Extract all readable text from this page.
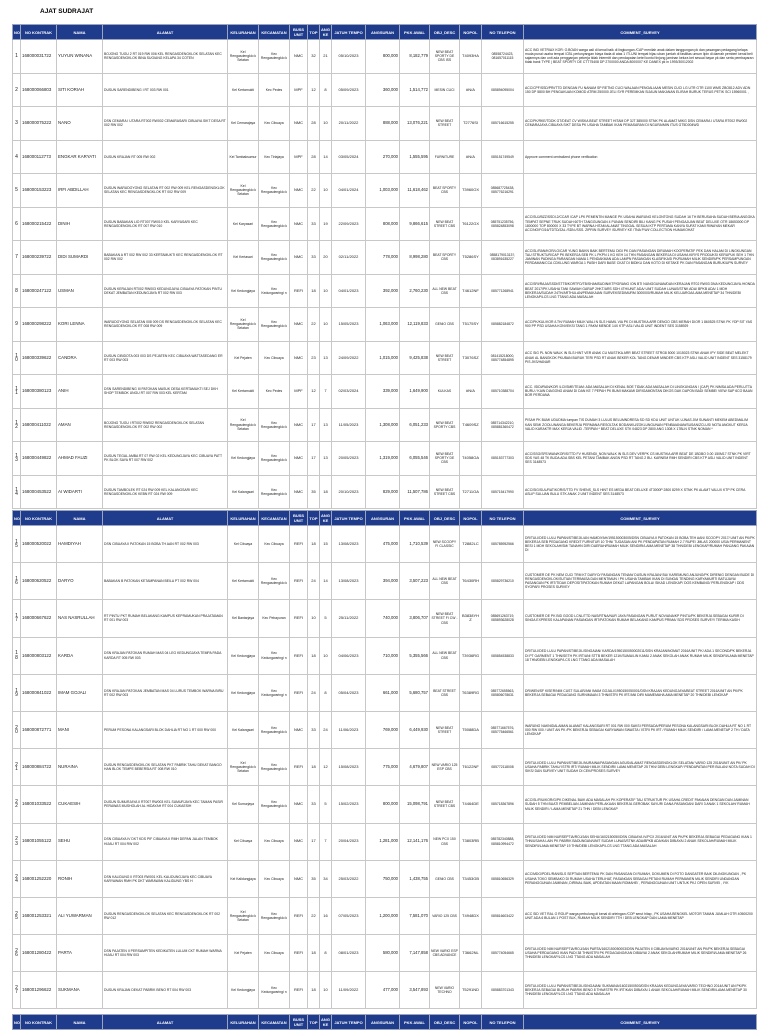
AJAT SUDRAJAT
NO	NO KONTRAK	NAMA	ALAMAT	KELURAHAN	KECAMATAN	BUSS UNIT	TOP	ANG KE	JATUH TEMPO	ANGSURAN	PKK AWAL	OBJ_DESC	NOPOL	NO TELEPON	COMMENT_SURVEY
1	168000031722	YUYUN WINANA	BOJONG TUGU 2 RT 019 RW 006 KEL RENGASDENGKLOK SELATAN KEC RENGASDENGKLOK BINA SUGIANG KELAPA 34 COTEN	Kel Rengasdengklo k Selatan	Kec Rengasdengklo k	NMC	32	21	05/10/2023	800,000	8,182,779	NEW BEAT SPORTY DE CBS ISS	T4093HA	08558724423, 081657011115	ACC IND VETRIAX KOR: O.BOAN warga asli di kenal baik di lingkungan /CAP menilah anak dalam tanggungan pk dan pasangan pedagang kelapa muda punai usaha tempat /CBL perlunyangan biaya tiada di atas 1 /TI-UNI tempat hijau uban jumlah di fasilitas umum lipin di daerah pemberi kenal beli sajamnya dan unit ada pengganjan pekerja tidak intermitt dan pendapatan ketel kontol tinjong jaminan kelura ket sesuai bayar pk dan serta pembayaran tidak bank TYPE | BEAT SPORTY DE CTT75408 DP 2700000 ANDA 8000007 KE DANEX pk in 1993/30012002
2	168000066803	SITI KORIAH	DUSUN SARENDIBENG I RT 003 RW 001	Kel Kertamukti	Kec Pedes	MPF	12	8	05/09/2023	360,000	1,514,772	MESIN CUCI	#N/A	085894095004	ACC/CPF/SSD/PRI/TTD DENGAN FU NANAM SP RETNO CUCI WALAAN PENGALIAAN MESIN CUCI LG UTR GTR 1100 WMS ZBO812 ADV ADN 150 DP 5800 BH PENGAKUAN KOMOD ATRM 250000 JELI SYR PEREMKAN SIJAUN MAKANAN ELIRAH BURUK TERUS PETIK SCI 15960001 ,
3	168000075222	NANO	DSN CEMARA I UTARA RT002 RW002 CEMARASARI CIBUAYA SIKT DESA RT 002 RW 002	Kel Cemarajaya	Kec Cibuaya	NMC	28	10	20/11/2022	888,000	13,076,221	NEW BEAT STREET	T2776SI	085716615255	ACC/PK/RKE/TDDK GT/DEAT CV WISKA BEAT STREET HITAM DP 3JT 385000 STNK PK ALAMAT MIKG DSN CEMARA I UTARA RT002 RW002 CEMARAJAYA CIBUAYA SIKT DESA PK USAHA TAMBAK IKAN PEMASARAN DI NGURAIMIN ITUS GT5D004WD
4	168000112773	ENGKAR KARYATI	DUSUN KRAJAN RT 005 RW 002	Kel Tambaksumur	Kec Tirtajaya	MPF	28	14	03/05/2024	270,000	1,555,595	FURNITURE	#N/A	085151749549	Approve comment centralized phone verification
5	168000153223	IRFI ABDILLAH	DUSUN WARUDOYONG SELATAN RT 002 RW 009 KEL RENGASDENGKLOK SELATAN KEC RENGASDENGKLOK RT 002 RW 009	Kel Rengasdengklo k Selatan	Kec Rengasdengklo k	NMC	22	10	04/01/2024	1,003,000	11,618,462	BEAT SPORTY CBS	T3960OX	085687725438, 085776216291	
6	168000215422	DINIH	DUSUN BABAKAN LIO RT007 RW010 KEL KARYASARI KEC RENGASDENGKLOK RT 007 RW 010	Kel Karyasari	Kec Rengasdengklo k	NMC	33	19	22/09/2023	808,000	9,866,615	NEW BEAT STREET CBS	T6122GX	085751235756, 085824853098	ACC/SUJ/BZZ/SSDI.2/CCAR /CAP LPK PEMENTIN MANGE PK USAHA WARUNG KELONTONG SUDAH 16 TH BERUSAHA SUDAH BERIA ANGGKA TEMPAT SEPNE TRUK SUDAH 60TH TANGGUNGAN 4 PUNAN SENDIRI BILI KANG PK PUSAH PENGAJUAN BEAT DELUXE OTR 18653000 DP 1800000 TOP 800000 X 33 TYPE BT WARNA HITAM ALAMAT TINGGAL SESUAI KTP PERTAMA KANYA SUFAT KAMI RIWAYAN MEKAR ACC/NO/FG/16/TDTD/ZAL /SDN./SSS. ZIPRIN SURVEY /SURVEY KE /TNA P.WI/ COLLECTION HUMAKOHAT
7	168000239722	DIDI SUMARDI	BABAKAN A RT 002 RW 002 33 KERTAMUKTI KEC RENGASDENGKLOK RT 002 RW 002	Kel Kertasari	Kec Rengasdengklo k	NMC	33	20	02/11/2022	778,000	8,998,280	BEAT SPORTY CBS	T5286SY	085817901313?, 083891635227	ACC/SL/RAN/KOR/LO/CAR YUNG BAIKN BAIK BERTEMU DIDI PK DAN PASANGAN DIRUMAH KOOPERATIF PEK DAN HALAM DI LINGKUNGAN TAU STRUKTUR/CAP PK BEKERJA SEB PK L PKPN 1 KG KEH 14 THN PASANGAN BEKERJA DI USAHA KIRYS PRODUKSI KERUPUK SEH 1 THN JAMINAN PADINGA PARANGAN NAMA 1 PENDAKMAN ADA LAMPN PASANGAN KLASIFIKASI PK/RUMAH MILIK SENDIRI/PK PERSAMPUNGAN PERDAMAN/CCA CDKLUNG WARGA 1 PASIH DARI BASE CKAT DI BIDIKU DAN KOTO DI KETAKE PK DAN PASANGAN BURUK/UPN SURVEY
8	168000247122	USMAN	DUSUN KERAJAN RT002 RW003 KEDUNGJAYA CIBUAYA PATOKAN PINTU DEKAT JEMBATAN KEDUNGJAYA RT 002 RW 003	Kel Kedungjaya	Kec Kedungwaringi n	REFI	18	10	04/01/2023	392,000	2,760,230	ALL NEW BEAT CBS	T4612NF	085771268941	ACC/SRI/RAJA/SSDI/STTB/KORTFD/TB/SHAMSUDIN/KTP/GRANG /ON BTI NUNGGUNAN/DAN KERAJAN RT02 RW03 DNA KEDUNGJAYA /HONDA BEAT 2017/PK USAHA TANI SAWAH GARAP 2HKT/ARS SDH 4TH/UNIT ADA/ UNIT SUDAH LUNAS/STNK ADA/ BPKB ADA/ 1 MDH BEKERJA/SUDAH 24TH/ARTHULAN/PEMAKAIAN SURVEKSEDIMURM 3000000/RUMAH MILIK KELUARGA/LAMA MENETAP 34 THN/DEBI LENGKAP/LCS LNG TTANG ADA MASALAH
9	168000298222	KORI LENNA	WARUDOYONG SELATAN 008 009 DS RENGASDENGKLOK SELATAN KEC RENGASDENGKLOK RT 008 RW 009	Kel Rengasdengklo k Selatan	Kec Rengasdengklo k	NMC	22	10	15/05/2023	1,063,000	12,119,833	GENIO CBS	T5175SY	085882184872	ACC/PK/KUL/KOR /LTH/ RUMAH MILIK WALI N SLS HAMIL VIA PK DI MUSTIKA ARR DENGO CBS MERAH DIOR 1 860525 STNK PK YDP SIT YAS 900 PP PSD USAHA KONVEKSI TANG 1 PAKM MENDE 14X KTP ASLI VALID UNIT INDENT SES 3158929
10	168000339622	CANDRA	DUSUN CIBIDOTA 003 003 DS PEJATEN KEC CIBUAYA WATTASEDANG ER RT 003 RW 003	Kel Pejaten	Kec Cibuaya	NMC	23	13	24/09/2022	1,015,000	9,425,838	NEW BEAT STREET	T3076SZ	081415218000, 085774854895	ACC SIG PL NON WALK IN SLS HINT VER ANAK CU MUSTIKA ARR BEAT STREET STRG8 5000 1015023 STNK ANAK IPY SIDE BEAT MELEKT ANAK AL BANGKOK PKUBAN BURUK TERI PSD RT ANAK BEKER KOL TANG DENAR MINDER CBS KTP ASLI VALID UNIT INDENT SES 3158179 PIS JKS/HANAR
11	168000380123	ANIH	DSN SARENDIBENG III PATOKAN MASUK DESA KERTAMUKTI SEJ DKH SHOP TEMBOK UNGU RT 007 RW 003 KEL KERTAM	Kel Kertamukti	Kec Pedes	MPF	12	7	02/03/2024	339,000	1,649,900	KULKAS	#N/A	085710388704	ACC. /SIDI/RAN/KOR /LCI/SME/TEAM: ADA MASALAH DI KENAL BOE TIDAK ADA MASALAH DI LINGKUNGAN / (CAP) PK NIMSA ADA PERLUTTA BURU / KAIN DIAGONG ANAM DI DAN KE 7 PEPAH PK BUMI MAKAMI DIRIGAMONTAN DIKOS DAK DAPON BADI SEMBE/ VIEW SAP 6CO BAAN BOR PERDANA
12	168000411022	AMAN	BOJONG TUGU I RT002 RW002 RENGASDENGKLOK SELATAN RENGASDENGKLOK RT 002 RW 002	Kel Rengasdengklo k Selatan	Kec Rengasdengklo k	NMC	17	13	11/05/2023	1,308,000	6,051,233	NEW BEAT SPORTY CBS	T4609SZ	085714342210, 085881360472	PISAH PK BUMI UDUDMA tumpan TIS DUMAH 3 LULUS BELUMNDRESA SD SD KDU UNIT UNTUK UJNAS JIM SUNANTI MEKEM ABEDMALIM KAN SEMI ZOOLUNANGA BEKERJA PERMANA RESOLTAK BODANKU/ZOKLUNGUNAN PENBAIANAN/SUSAN/ZCLUS/ NOTA ANGKUT KERJA VALID KARAKTR MAX KERJA VALID -TERPAN * BEAT DELUXE STK 04823 DP 2800 ANG 1308 X 17BLN STNK NOMAN *
13	168000449822	AHMAD FAUZI	DUSUN TEGAL AMBA RT 07 RW 02 KEL KEDUNGJAYA KEC CIBUAYA PATT PK BLOK SAYA RT 007 RW 002	Kel Kedungjaya	Kec Rengasdengklo k	NMC	17	13	20/05/2023	1,319,000	6,055,546	NEW BEAT SPORTY DE CBS	T4058OA	085153777303	ACC/SSG/SFE/WAN/KOR/S/TTD FV HUSENDI_NON WALK IN SLS DEV VERPK CS MUSTIKA ARR BEAT DE 1BDBO 0.00 150M17 STNK PK VIRT SDS YAS 48 TK BUDA ADA SBS KEL PETANI TAMBAK ANGN PSD RT TANG 2 BU. KARNEM RMH SENDIRI CBS KTP ASLI VALID UNIT INDENT SES 3148573
14	168000453522	AI WIDARTI	DUSUN TAMBOLEK RT 024 RW 009 KEL KALANGSARI KEC RENGASDENGKLOK KEBN RT 024 RW 009	Kel Kalangsari	Kec Rengasdengklo k	NMC	35	18	20/10/2023	829,000	11,507,786	NEW BEAT STREET CBS	T2711OA	085715417990	ACC/SIG/SUL/RAT/KOR/S/TTD FV SHENS_SLS HINT ES MEDA BEAT DELUXE 4T3000P 2800 8299 X STNK PK ALAMT VALUX KTP PK CERA ASLIP SULUAN BULU STK ANAK 2 UNIT INDENT SES 3148573
NO	NO KONTRAK	NAMA	ALAMAT	KELURAHAN	KECAMATAN	BUSS UNIT	TOP	ANG KE	JATUH TEMPO	ANGSURAN	PKK AWAL	OBJ_DESC	NOPOL	NO TELEPON	COMMENT_SURVEY
15	168000520022	HAMDIYAH	DSN CIBUAYA II PATOKAN 15 BOBA TH AAN RT 002 RW 003	Kel Cibuaya	Kec Cibuaya	REFI	18	15	13/08/2023	475,000	1,710,539	NEW SCOOPY FI CLASSIC	T2882LC	085785952566	DR/TULI/DED LULU PAPAN/ST/BEJIL/AN HAMDIYAH/195150003005/DSN CIBUAYA II PATOKAN 15 BOBA TEH AAN/ SCOOPY 2017/ UNIT AN PK/PK BEKERJA SEB PEDAGANG KREDIT FURNITUR 10 THN/ TUGASAN ANI PK PENDAPATAN RUMAH 2.7 RUPE/ JMLAS 200000 USIA PERMANENT BESI 1 MDH SEKOLAH/SM/ TANAHN DIRI DAERAH/RUMAH MILIK SENDIRI/LAMA MENETAP 38 THN/DEBI LENGKAP/RUMAH PANJANG PAKAIAN DI
16	168000620522	DARYO	BABAKAN B PATOKAN KETAMPANAN BEILA PT 002 RW 004	Kel Kertamukti	Kec Rengasdengklo k	REFI	24	14	13/08/2023	394,000	3,507,223	ALL NEW BEAT CBS	T6430RH	085829736210	CUSTOMER DE PK NEM CUCI TRM KT DARYO/ PASANGAN TENAN/ DUSUN KRAJAN/ BU/ KAREMUNG ANJUNG/PK DIRENIG DENGAN BUDE DI RENGASDENGKLOK/SUTIAN TERIMASA DAN MENTIMUN / PK USAHA TAMBAK IKAN DI SUNGAI TENDING KARYAMURTI BATUJAYA/ PASANGAN PK IRT/TIDAK DEPOSIT/PATOKAN RUMAH DEKAT LAPANGAN BOLA/ SIKAD LENGKAP/ DOS KEMBANG/ PERLENGKAP / DDS SYOPAR/ PROSES SURVEY
17	168000667622	NAS NASRULLAH	RT PINTU PKT RUMAH BELAKANG KAMPUS KEPRAMUKAN PRAJATAMAN RT 001 RW 003	Kel Bantarjaya	Kec Pebayuran	REFI	10	5	25/11/2022	740,000	3,806,707	NEW BEAT STREET FI CW - CBS	B3838YHZ	085691263719, 085893628028	CUSTOMER DE PK BID GOOD LCNL/TTD NAS/RTNA/NUR JAYA PASANGAN PURUT NOVIANA/KP PINTU/PK BEKERJA SEBAGAI KURIR DI SINGA EXPRESS KALAPANAN PASANGAN IRT/PATOKAN RUMAH BELAKANG KAMPUS PRIMA/ SDS PROSES SURVEY/ TERIMA KASIH
18	168000803122	KARDA	DSN KRAJAN PATOKAN RUMAH MAS 04 LEG KEDUNGJAYA TEMPA PADA KARDA RT 005 RW 003	Kel Kedungjaya	Kec Kedungwaringi n	REFI	18	10	04/06/2023	710,000	5,355,566	ALL NEW BEAT CBS	T3936RG	085854538833	DR/TULI/DED LULU PAPAN/ST/BEJIL/SINGAIAN/ KARDA/1950150050002011/DSN KRAJAN/NOMAT 2016/UNIT PK/ ADA 1 SECOND/PK BEKERJA DI PT GARMENT 1 THN/SETH PK IRT/ANI STTB BEKER 121K/SUMA/LIN KAMU 2 ANAK SEKOLAH ANAK RUMAH MILIK SENDIRI/LAMA MENETAP 18 THN/DEBI LENGKAP/LCS LNG TTANG ADA MASALAH
19	168000841022	IMAM GOJALI	DSN KRAJAN PATOKAN JEMBATAN MAS 04 LURUS TEMBOK WARNA BIRU RT 002 RW 003	Kel Kedungjaya	Kec Kedungwaringi n	REFI	24	8	05/04/2023	661,000	5,680,757	BEAT STREET CBS	T6389RG	085772655563, 085806078631	DR/WEN/SF KISER/NIM CUST SULAR/ANI IMAM GOJALI/1950150050001/DSN KRAJAN KEDUNGJAYA/BEAT STREET 2016/UNIT AN PK/PK BEKERJA SEBAGAI PEDAGANG SURNIMAAN 3 THN/ISTRI PK IRT/ANI DIRI MAMEMAH/LAMA MENETAP 20 THN/DEBI LENGKAP
20	168000872771	MANI	PERUM PESONA KALANGSARI BLOK DAHLIA RT NO 1 RT 000 RW 000	Kel Kalangsari	Kec Rengasdengklo k	NMC	33	24	11/06/2023	769,000	6,449,930	NEW BEAT STREET	T5088DA	085771667576, 085775466561	WARUNG NAKNIDALAMAN ALAMAT KALANGSARI RT 001 RW 000 SAKSI PERSADA/PERUM PESONA KALANGSARI BLOK DAHLIA RT NO 1 RT 000 RW 000 / UNIT AN PK /PK BEKERJA SEBAGAI KARYAWAN SWASTA / ISTRI PK IRT / RUMAH MILIK SENDIRI / LAMA MENETAP 2 TH / DATA LENGKAP
21	168000884722	NURAINA	DUSUN RENGASDENGKLOK SELATAN PKT PABRIK TAHU DEKAT BANGO HAN BLOK TEMPE BEBERSIA RT 008 RW 010	Kel Rengasdengklo k Selatan	Kec Rengasdengklo k	REFI	18	12	15/08/2023	775,000	4,679,807	NEW VARIO 125 ESP CBS	T6122NF	085772118008	DR/TULI/DED LULU PAPAN/ST/BEJIL/NURAINA/PASANGAN AGUS/ALAMAT RENGASDENGKLOK SELATAN/ VARIO 125 2018/UNIT AN PK/ PK USAHA PABRIK TAHU/ ISTRI IRT/ RUMAH MILIK SENDIRI/ LAMA MENETAP 25 THN/ DEBI LENGKAP/ PENDAPATAN PER BULAN/ NOTA SUDAH DI SIKS/ DAN SURVEY UNIT SUDAH DI CEK/PROSES SURVEY
22	168001033522	CUKAESIH	DUSUN SUMURJAYA II RT007 RW003 KEL SUMURJAYA KEC TAMAN PASIR PERAWAS MUSHOLAH AL HIDAYAH RT 004 CUKAESIH	Kel Sumurjaya	Kec Rengasdengklo k	NMC	33	5	15/02/2023	800,000	15,098,791	NEW BEAT STREET CBS	T4464DE	085718367896	ACC/SL/RIU/KOR/G/PK DIKENAL BAIK ADA MASALAH PK KOPERATIF TAU STRUKTUR PK USAHA CREDIT PAKAIAN DENGAN DAN JAMINAN SUDAH 5 THN BUATI PEMBELIAN JAMINAN PERLAKUAN BEKERJA GEROBAK SAYUR/ DANA PASANGAN/ DARI 3 ANAK 1 SEKOLAH/ RUMAH MILIK SENDIRI / LAMA MENETAP 21 THN / DEBI LENGKAP
23	168001055122	SEHU	DSN CIBUAYA IV DKT KDS PIF CIBUAYA II RMH DEPAN JALAN TEMBOK HIJAU RT 004 RW 002	Kel Cibuaya	Kec Cibuaya	NMC	17	7	20/04/2023	1,281,000	12,141,176	NEW PCX 150 CBS	T3803RB	085782340888, 085810994472	DR/TULI/DED NIM NURSEPTIA/ROJ/JAN SEHU/1602150050/DSN CIBUAYA IV/PCX 2016/UNIT AN PK/PK BEKERJA SEBAGAI PEDAGANG IKAN 1 THN/USAHA LAIN PK PABRIK BADUNGAN/UNIT SUDAH LUNAS/STNK ADA/BPKB ADA/KAN DIBIAYAI 2 ANAK SEKOLAH/RUMAH MILIK SENDIRI/LAMA MENETAP 19 THN/DEBI LENGKAP/LCS LNG TTANG ADA MASALAH
24	168001252220	RONIH	DSN KALIDUNG II RT003 RW001 KEL KALIDUNGJAYA KEC CIBUAYA KARYAWAN RMH PK DKT WARAWAN KALIDUNG YBS H	Kel Kalidungjaya	Kec Cibuaya	NMC	35	34	25/03/2022	750,000	1,438,755	GENIO CBS	T3453GB	085810656329	ACC/MDG/PDEL/RAN/SLS SEPTIAN BERTEMU PK DAN PASANGAN DI RUMAH, DOKUMEN DI FOTO DANGATER BAIK DILINGKUNGAN , PK USAHA TOKO SEMBAKO DI RUMAH USAHA TERLIHAT, PASANGAN SEBAGAI PETANI RUMAH PERMANEN MILIK SENDIRI UNDANGAN PERANGGUNAN JAMINAN ,DIRINAL BAIK, APDEATAN MAAN ROMAHE/ , PERANGGUNAN UNIT UNTUK PKJ OPEN SURVEI , IYK
25	168001253321	ALI YUWARMAN	DUSUN RENGASDENGKLOK SELATAN KEC RENGASDENGKLOK RT 002 RW 012	Kel Rengasdengklo k Selatan	Kec Rengasdengklo k	REFI	22	16	07/05/2023	1,200,000	7,581,070	VARIO 125 CBS	T4948DX	085816603422	ACC SID VET RAL O ROLIP warga perbulung di kenal di orleingan /COP serut hitap , PK USAHA BENGKEL MOTOR TAMAN JUMLAH OTR 40500200 UNIT ADA 6 BULAN 1 POST BLK, RUMAH MILIK SENDIRI 7TH / DEB LENGKAP DAN LAMA MENETAP
26	168001280422	PARTA	DSN PAJATEN II PERSAMPITEN KEDIKATEN LULUM CKT RUMAH WARNA HIJAU RT 004 RW 003	Kel Pejaten	Kec Cibuaya	REFI	18	8	08/01/2023	580,000	7,147,858	NEW VARIO ESP CBS ADVANCE	T3662NL	085774054665	DR/TULI/DED NIM NURSEPTIA/ROJ/JAN PARTA/1602150050003/DSN PAJATEN II CIBUAYA/VARIO 2016/UNIT AN PK/PK BEKERJA SEBAGAI USAHA PERDAGANG IKAN PADI 38 THN/ISTRI PK PEDAGANG/KAN DIBIAYAI 2 ANAK SEKOLAH/RUMAH MILIK SENDIRI/LAMA MENETAP 26 THN/DEBI LENGKAP/LCS LNG TTANG ADA MASALAH
27	168001296622	SUKMANA	DUSUN KRAJAN DEKAT PABRIK BENO RT 004 RW 003	Kel Kedungjaya	Kec Kedungwaringi n	REFI	18	10	11/09/2022	477,000	3,547,893	NEW VARIO TECHNO	T5291ND	085883701343	DR/TULI/DED LULU PAPAN/ST/BEJIL/SINGAIAN/ SUKMANA/16021500500/DSN KRAJAN KEDUNGJAYA/VARIO TECHNO 2014/UNIT AN PK/PK BEKERJA SEBAGAI BURUH PABRIK BENO 8 THN/ISTRI PK IRT/KAN DIBIAYAI 1 ANAK SEKOLAH/RUMAH MILIK SENDIRI/LAMA MENETAP 30 THN/DEBI LENGKAP/LCS LNG TTANG ADA MASALAH
NO	NO KONTRAK	NAMA	ALAMAT	KELURAHAN	KECAMATAN	BUSS UNIT	TOP	ANG KE	JATUH TEMPO	ANGSURAN	PKK AWAL	OBJ_DESC	NOPOL	NO TELEPON	COMMENT_SURVEY
